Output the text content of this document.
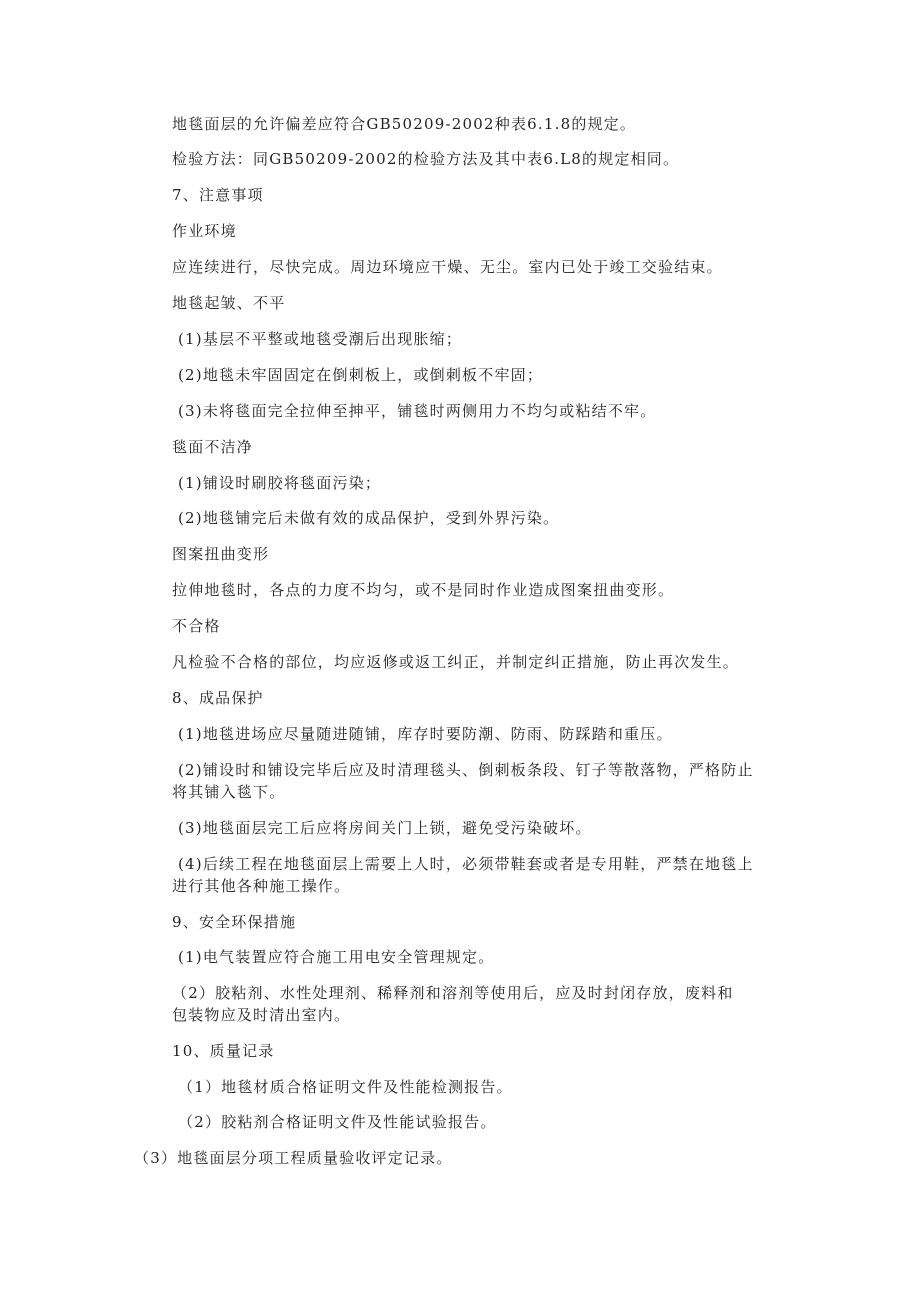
地毯面层的允许偏差应符合GB50209-2002种表6.1.8的规定。

检验方法：同GB50209-2002的检验方法及其中表6.L8的规定相同。

7、注意事项

作业环境

应连续进行，尽快完成。周边环境应干燥、无尘。室内已处于竣工交验结束。

地毯起皱、不平

(1)基层不平整或地毯受潮后出现胀缩；

(2)地毯未牢固固定在倒刺板上，或倒刺板不牢固；

(3)未将毯面完全拉伸至抻平，铺毯时两侧用力不均匀或粘结不牢。

毯面不洁净

(1)铺设时刷胶将毯面污染；

(2)地毯铺完后未做有效的成品保护，受到外界污染。

图案扭曲变形

拉伸地毯时，各点的力度不均匀，或不是同时作业造成图案扭曲变形。

不合格

凡检验不合格的部位，均应返修或返工纠正，并制定纠正措施，防止再次发生。

8、成品保护

(1)地毯进场应尽量随进随铺，库存时要防潮、防雨、防踩踏和重压。

(2)铺设时和铺设完毕后应及时清理毯头、倒刺板条段、钉子等散落物，严格防止

将其铺入毯下。

(3)地毯面层完工后应将房间关门上锁，避免受污染破坏。

(4)后续工程在地毯面层上需要上人时，必须带鞋套或者是专用鞋，严禁在地毯上

进行其他各种施工操作。

9、安全环保措施

(1)电气装置应符合施工用电安全管理规定。

（2）胶粘剂、水性处理剂、稀释剂和溶剂等使用后，应及时封闭存放，废料和

包装物应及时清出室内。

10、质量记录

（1）地毯材质合格证明文件及性能检测报告。

（2）胶粘剂合格证明文件及性能试验报告。

（3）地毯面层分项工程质量验收评定记录。
